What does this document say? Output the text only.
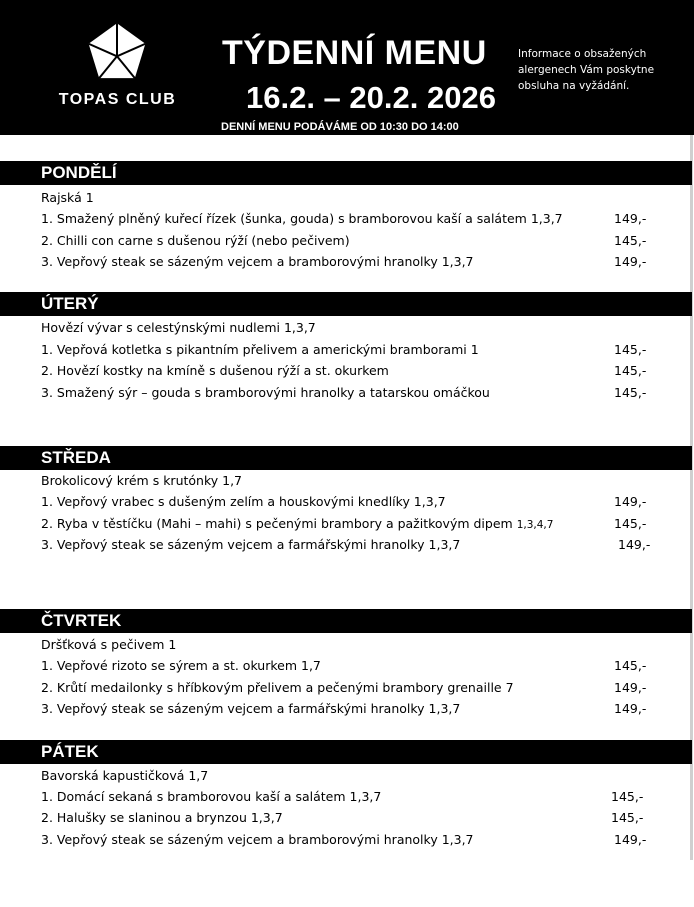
TOPAS CLUB
TÝDENNÍ MENU
16.2. – 20.2. 2026
Informace o obsažených
alergenech Vám poskytne
obsluha na vyžádání.
DENNÍ MENU PODÁVÁME OD 10:30 DO 14:00
PONDĚLÍ
Rajská 1
1. Smažený plněný kuřecí řízek (šunka, gouda) s bramborovou kaší a salátem 1,3,7	149,-
2. Chilli con carne s dušenou rýží (nebo pečivem)	145,-
3. Vepřový steak se sázeným vejcem a bramborovými hranolky 1,3,7	149,-
ÚTERÝ
Hovězí vývar s celestýnskými nudlemi 1,3,7
1. Vepřová kotletka s pikantním přelivem a americkými bramborami 1	145,-
2. Hovězí kostky na kmíně s dušenou rýží a st. okurkem	145,-
3. Smažený sýr – gouda s bramborovými hranolky a tatarskou omáčkou	145,-
STŘEDA
Brokolicový krém s krutónky 1,7
1. Vepřový vrabec s dušeným zelím a houskovými knedlíky 1,3,7	149,-
2. Ryba v těstíčku (Mahi – mahi) s pečenými brambory a pažitkovým dipem 1,3,4,7	145,-
3. Vepřový steak se sázeným vejcem a farmářskými hranolky 1,3,7	149,-
ČTVRTEK
Dršťková s pečivem 1
1. Vepřové rizoto se sýrem a st. okurkem 1,7	145,-
2. Krůtí medailonky s hříbkovým přelivem a pečenými brambory grenaille 7	149,-
3. Vepřový steak se sázeným vejcem a farmářskými hranolky 1,3,7	149,-
PÁTEK
Bavorská kapustičková 1,7
1. Domácí sekaná s bramborovou kaší a salátem 1,3,7	145,-
2. Halušky se slaninou a brynzou 1,3,7	145,-
3. Vepřový steak se sázeným vejcem a bramborovými hranolky 1,3,7	149,-
